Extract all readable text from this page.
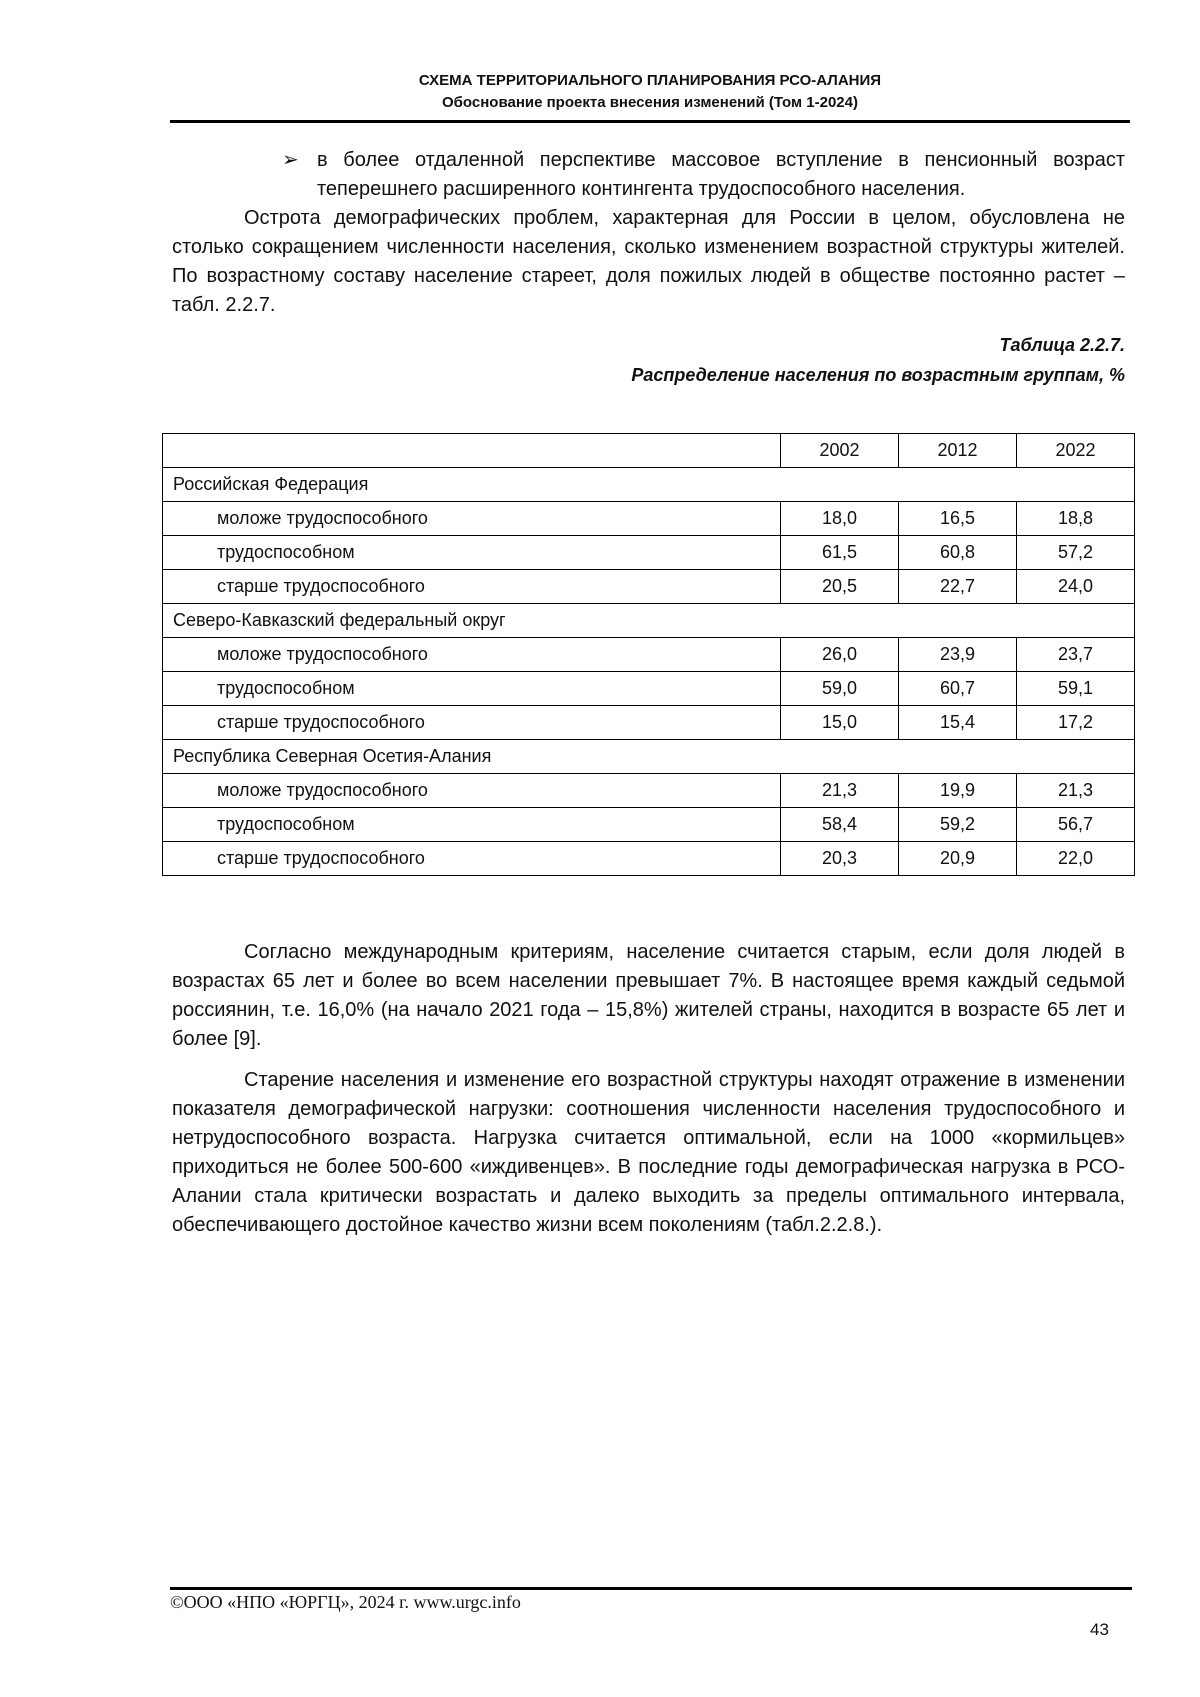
СХЕМА ТЕРРИТОРИАЛЬНОГО ПЛАНИРОВАНИЯ РСО-АЛАНИЯ
Обоснование проекта внесения изменений (Том 1-2024)
➢ в более отдаленной перспективе массовое вступление в пенсионный возраст теперешнего расширенного контингента трудоспособного населения.

Острота демографических проблем, характерная для России в целом, обусловлена не столько сокращением численности населения, сколько изменением возрастной структуры жителей. По возрастному составу население стареет, доля пожилых людей в обществе постоянно растет – табл. 2.2.7.

Таблица 2.2.7.
Распределение населения по возрастным группам, %
	2002	2012	2022
Российская Федерация			
моложе трудоспособного	18,0	16,5	18,8
трудоспособном	61,5	60,8	57,2
старше трудоспособного	20,5	22,7	24,0
Северо-Кавказский федеральный округ			
моложе трудоспособного	26,0	23,9	23,7
трудоспособном	59,0	60,7	59,1
старше трудоспособного	15,0	15,4	17,2
Республика Северная Осетия-Алания			
моложе трудоспособного	21,3	19,9	21,3
трудоспособном	58,4	59,2	56,7
старше трудоспособного	20,3	20,9	22,0

Согласно международным критериям, население считается старым, если доля людей в возрастах 65 лет и более во всем населении превышает 7%. В настоящее время каждый седьмой россиянин, т.е. 16,0% (на начало 2021 года – 15,8%) жителей страны, находится в возрасте 65 лет и более [9].

Старение населения и изменение его возрастной структуры находят отражение в изменении показателя демографической нагрузки: соотношения численности населения трудоспособного и нетрудоспособного возраста. Нагрузка считается оптимальной, если на 1000 «кормильцев» приходиться не более 500-600 «иждивенцев». В последние годы демографическая нагрузка в РСО-Алании стала критически возрастать и далеко выходить за пределы оптимального интервала, обеспечивающего достойное качество жизни всем поколениям (табл.2.2.8.).

©ООО «НПО «ЮРГЦ», 2024 г. www.urgc.info
43
